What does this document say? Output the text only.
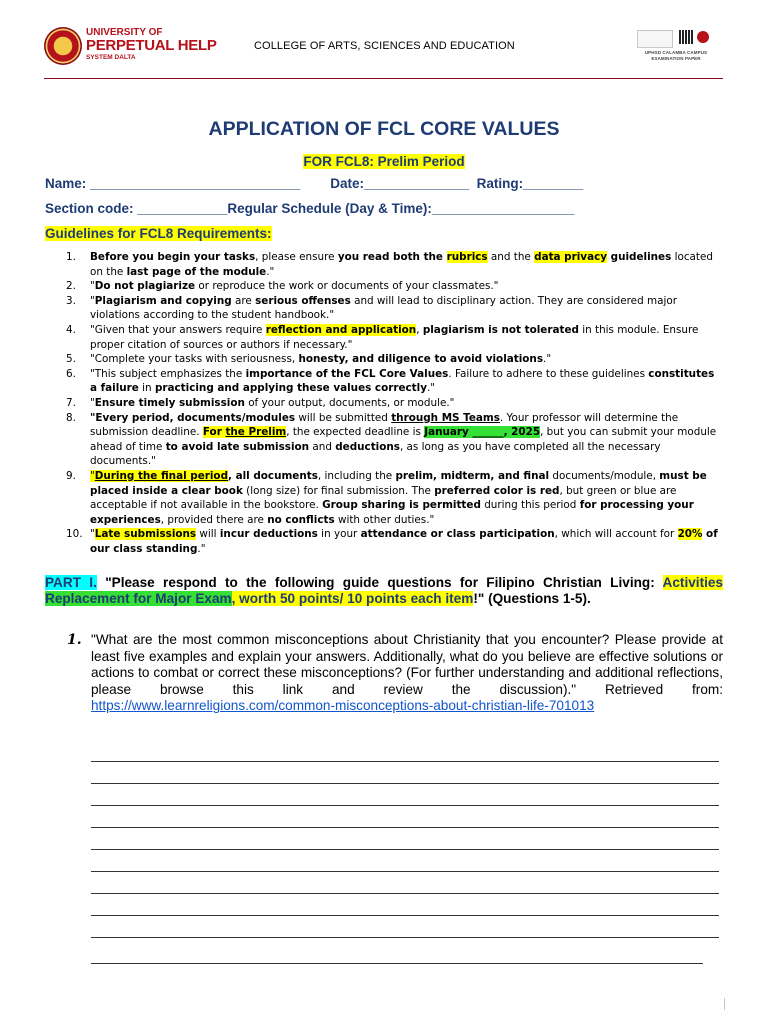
UNIVERSITY OF
PERPETUAL HELP
SYSTEM DALTA
COLLEGE OF ARTS, SCIENCES AND EDUCATION
UPHSD CALAMBA CAMPUS
EXAMINATION PAPER
APPLICATION OF FCL CORE VALUES
FOR FCL8: Prelim Period
Name: ____________________________        Date:______________  Rating:________
Section code: ____________Regular Schedule (Day & Time):___________________
Guidelines for FCL8 Requirements:
1. Before you begin your tasks, please ensure you read both the rubrics and the data privacy guidelines located on the last page of the module."
2. "Do not plagiarize or reproduce the work or documents of your classmates."
3. "Plagiarism and copying are serious offenses and will lead to disciplinary action. They are considered major violations according to the student handbook."
4. "Given that your answers require reflection and application, plagiarism is not tolerated in this module. Ensure proper citation of sources or authors if necessary."
5. "Complete your tasks with seriousness, honesty, and diligence to avoid violations."
6. "This subject emphasizes the importance of the FCL Core Values. Failure to adhere to these guidelines constitutes a failure in practicing and applying these values correctly."
7. "Ensure timely submission of your output, documents, or module."
8. "Every period, documents/modules will be submitted through MS Teams. Your professor will determine the submission deadline. For the Prelim, the expected deadline is January ______, 2025, but you can submit your module ahead of time to avoid late submission and deductions, as long as you have completed all the necessary documents."
9. "During the final period, all documents, including the prelim, midterm, and final documents/module, must be placed inside a clear book (long size) for final submission. The preferred color is red, but green or blue are acceptable if not available in the bookstore. Group sharing is permitted during this period for processing your experiences, provided there are no conflicts with other duties."
10. "Late submissions will incur deductions in your attendance or class participation, which will account for 20% of our class standing."
PART I. "Please respond to the following guide questions for Filipino Christian Living: Activities Replacement for Major Exam, worth 50 points/ 10 points each item!" (Questions 1-5).
1. "What are the most common misconceptions about Christianity that you encounter? Please provide at least five examples and explain your answers. Additionally, what do you believe are effective solutions or actions to combat or correct these misconceptions? (For further understanding and additional reflections, please browse this link and review the discussion)." Retrieved from: https://www.learnreligions.com/common-misconceptions-about-christian-life-701013
